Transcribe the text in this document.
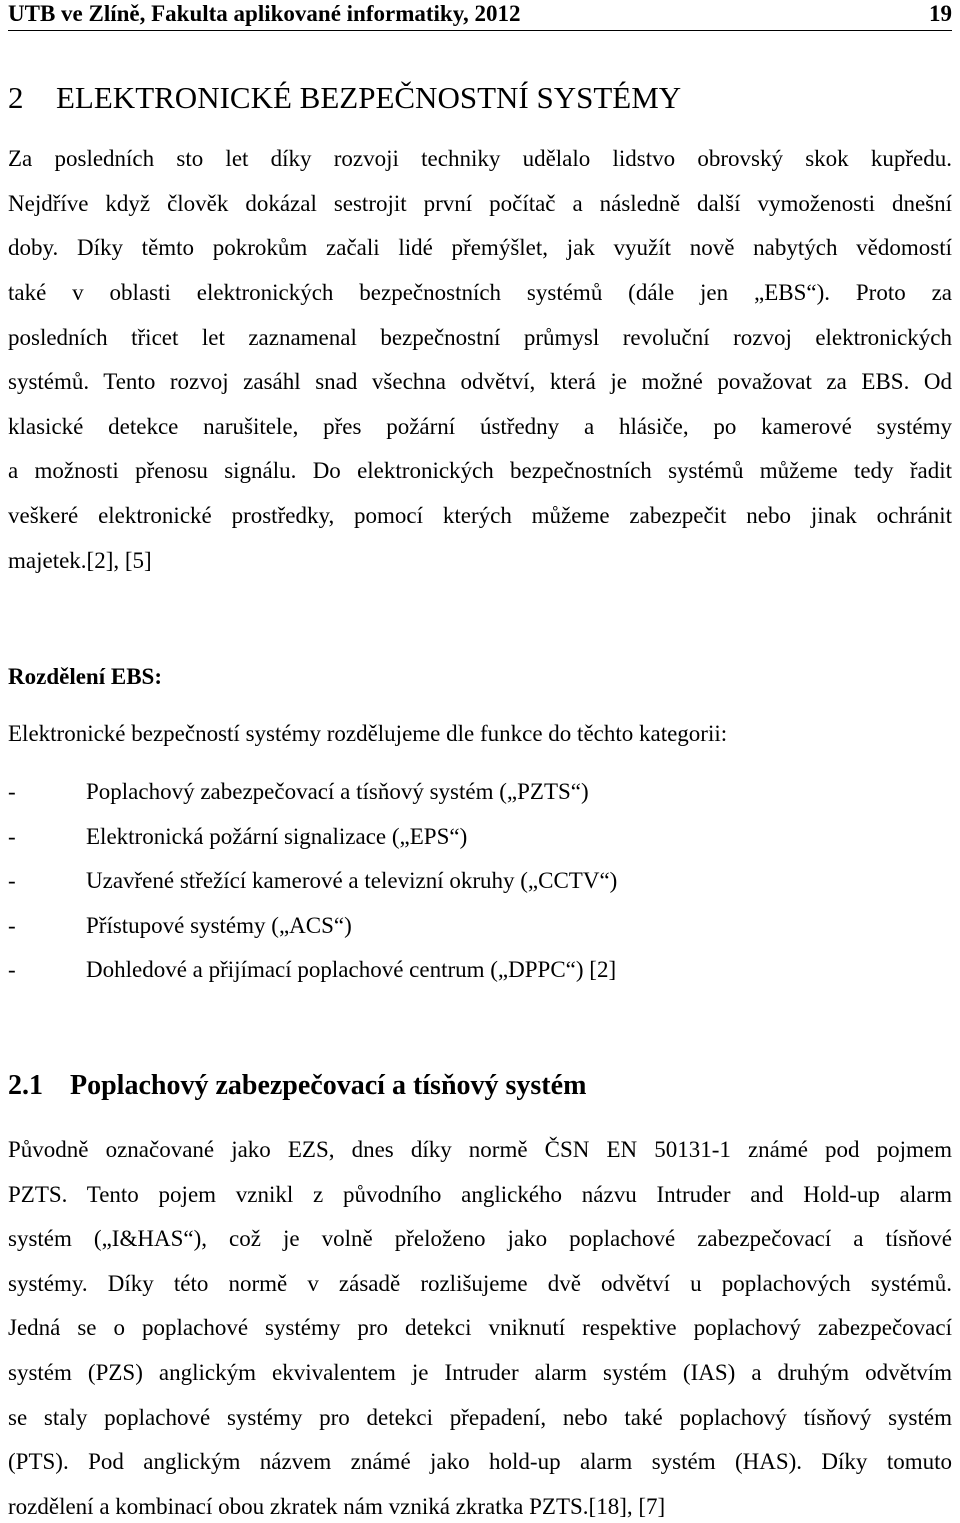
UTB ve Zlíně, Fakulta aplikované informatiky, 2012	19
2 ELEKTRONICKÉ BEZPEČNOSTNÍ SYSTÉMY
Za posledních sto let díky rozvoji techniky udělalo lidstvo obrovský skok kupředu.
Nejdříve když člověk dokázal sestrojit první počítač a následně další vymoženosti dnešní
doby. Díky těmto pokrokům začali lidé přemýšlet, jak využít nově nabytých vědomostí
také v oblasti elektronických bezpečnostních systémů (dále jen „EBS“). Proto za
posledních třicet let zaznamenal bezpečnostní průmysl revoluční rozvoj elektronických
systémů. Tento rozvoj zasáhl snad všechna odvětví, která je možné považovat za EBS. Od
klasické detekce narušitele, přes požární ústředny a hlásiče, po kamerové systémy
a možnosti přenosu signálu. Do elektronických bezpečnostních systémů můžeme tedy řadit
veškeré elektronické prostředky, pomocí kterých můžeme zabezpečit nebo jinak ochránit
majetek.[2], [5]
Rozdělení EBS:
Elektronické bezpečností systémy rozdělujeme dle funkce do těchto kategorii:
-	Poplachový zabezpečovací a tísňový systém („PZTS“)
-	Elektronická požární signalizace („EPS“)
-	Uzavřené střežící kamerové a televizní okruhy („CCTV“)
-	Přístupové systémy („ACS“)
-	Dohledové a přijímací poplachové centrum („DPPC“) [2]
2.1 Poplachový zabezpečovací a tísňový systém
Původně označované jako EZS, dnes díky normě ČSN EN 50131-1 známé pod pojmem
PZTS. Tento pojem vznikl z původního anglického názvu Intruder and Hold-up alarm
systém („I&HAS“), což je volně přeloženo jako poplachové zabezpečovací a tísňové
systémy. Díky této normě v zásadě rozlišujeme dvě odvětví u poplachových systémů.
Jedná se o poplachové systémy pro detekci vniknutí respektive poplachový zabezpečovací
systém (PZS) anglickým ekvivalentem je Intruder alarm systém (IAS) a druhým odvětvím
se staly poplachové systémy pro detekci přepadení, nebo také poplachový tísňový systém
(PTS). Pod anglickým názvem známé jako hold-up alarm systém (HAS). Díky tomuto
rozdělení a kombinací obou zkratek nám vzniká zkratka PZTS.[18], [7]
